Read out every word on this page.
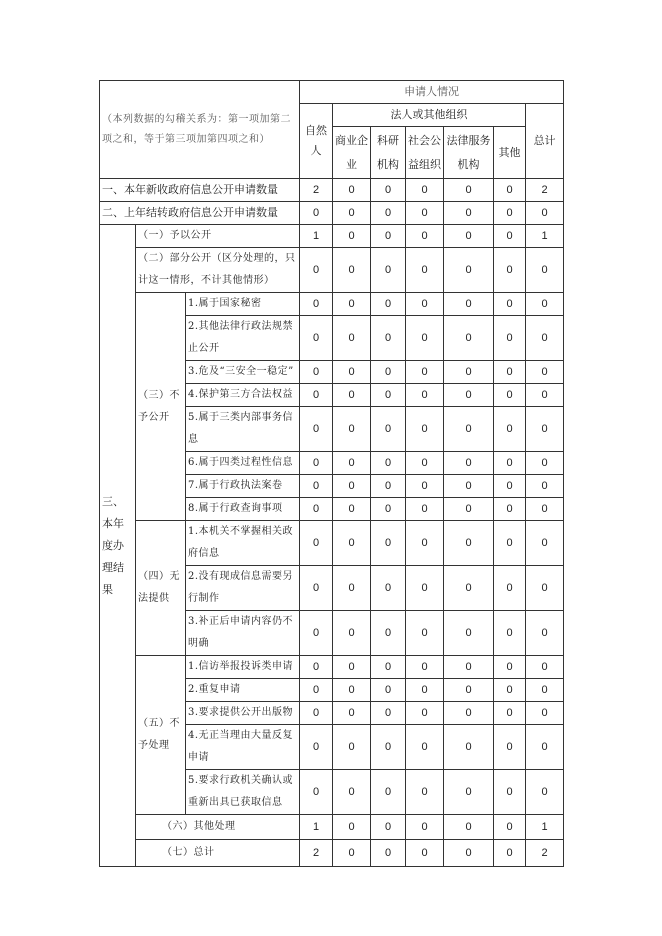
（本列数据的勾稽关系为：第一项加第二项之和，等于第三项加第四项之和）			申请人情况						
			自然人	法人或其他组织					总计
				商业企业	科研机构	社会公益组织	法律服务机构	其他	
一、本年新收政府信息公开申请数量			2	0	0	0	0	0	2
二、上年结转政府信息公开申请数量			0	0	0	0	0	0	0
三、本年度办理结果	（一）予以公开		1	0	0	0	0	0	1
	（二）部分公开（区分处理的，只计这一情形，不计其他情形）		0	0	0	0	0	0	0
	（三）不予公开	1.属于国家秘密	0	0	0	0	0	0	0
		2.其他法律行政法规禁止公开	0	0	0	0	0	0	0
		3.危及“三安全一稳定”	0	0	0	0	0	0	0
		4.保护第三方合法权益	0	0	0	0	0	0	0
		5.属于三类内部事务信息	0	0	0	0	0	0	0
		6.属于四类过程性信息	0	0	0	0	0	0	0
		7.属于行政执法案卷	0	0	0	0	0	0	0
		8.属于行政查询事项	0	0	0	0	0	0	0
	（四）无法提供	1.本机关不掌握相关政府信息	0	0	0	0	0	0	0
		2.没有现成信息需要另行制作	0	0	0	0	0	0	0
		3.补正后申请内容仍不明确	0	0	0	0	0	0	0
	（五）不予处理	1.信访举报投诉类申请	0	0	0	0	0	0	0
		2.重复申请	0	0	0	0	0	0	0
		3.要求提供公开出版物	0	0	0	0	0	0	0
		4.无正当理由大量反复申请	0	0	0	0	0	0	0
		5.要求行政机关确认或重新出具已获取信息	0	0	0	0	0	0	0
	（六）其他处理		1	0	0	0	0	0	1
	（七）总计		2	0	0	0	0	0	2
